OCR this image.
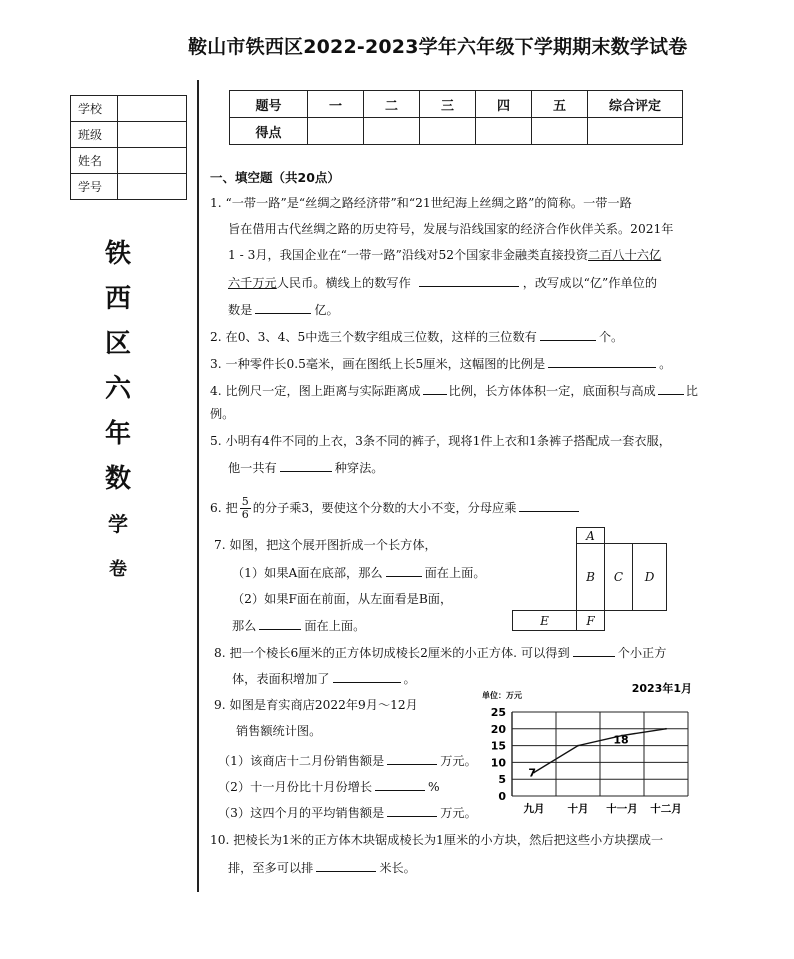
鞍山市铁西区2022-2023学年六年级下学期期末数学试卷
学校	
班级	
姓名	
学号	
铁
西
区
六
年
数
学
卷
题号	一	二	三	四	五	综合评定
得点						
一、填空题（共20点）
1. “一带一路”是“丝绸之路经济带”和“21世纪海上丝绸之路”的简称。一带一路
旨在借用古代丝绸之路的历史符号，发展与沿线国家的经济合作伙伴关系。2021年
1 - 3月，我国企业在“一带一路”沿线对52个国家非金融类直接投资二百八十六亿
六千万元人民币。横线上的数写作	，改写成以“亿”作单位的
数是	亿。
2. 在0、3、4、5中选三个数字组成三位数，这样的三位数有	个。
3. 一种零件长0.5毫米，画在图纸上长5厘米，这幅图的比例是	。
4. 比例尺一定，图上距离与实际距离成 比例，长方体体积一定，底面积与高成 比
例。
5. 小明有4件不同的上衣，3条不同的裤子，现将1件上衣和1条裤子搭配成一套衣服，
他一共有	种穿法。
6. 把 $\frac{5}{6}$ 的分子乘3，要使这个分数的大小不变，分母应乘
7. 如图，把这个展开图折成一个长方体，
（1）如果A面在底部，那么	面在上面。
（2）如果F面在前面，从左面看是B面，
那么	面在上面。
A
B	C	D
E	F
8. 把一个棱长6厘米的正方体切成棱长2厘米的小正方体. 可以得到	个小正方
体，表面积增加了	。
9. 如图是育实商店2022年9月～12月
销售额统计图。
（1）该商店十二月份销售额是	万元。
（2）十一月份比十月份增长	%
（3）这四个月的平均销售额是	万元。
单位：万元
2023年1月
0
5
10
15
20
25
九月 十月 十一月 十二月
7
18
10. 把棱长为1米的正方体木块锯成棱长为1厘米的小方块，然后把这些小方块摆成一
排，至多可以排	米长。
